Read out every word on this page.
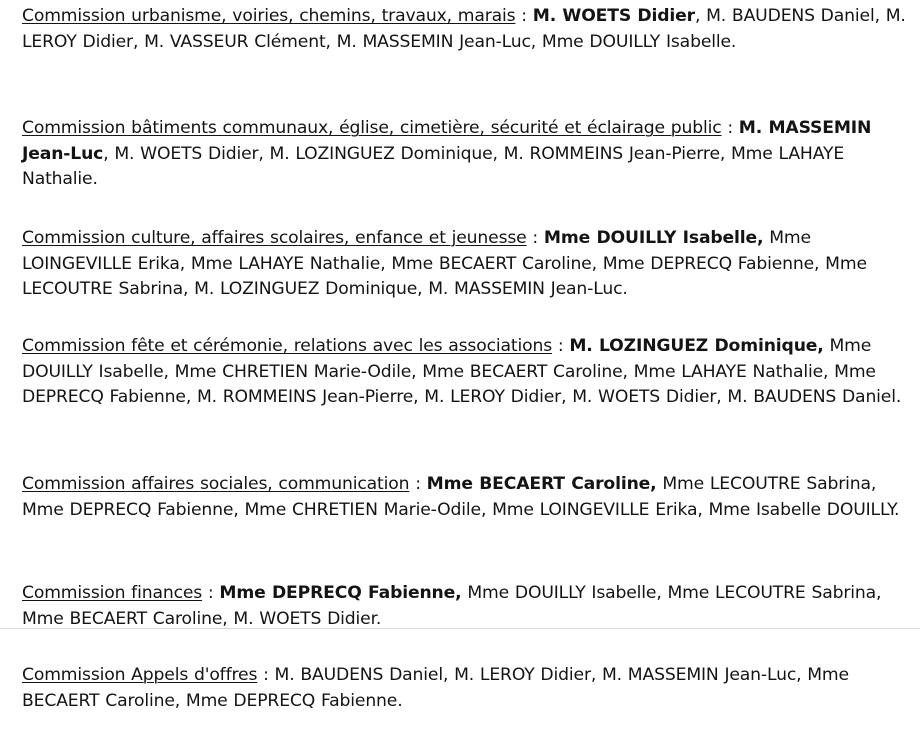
Commission urbanisme, voiries, chemins, travaux, marais : M. WOETS Didier, M. BAUDENS Daniel, M. LEROY Didier, M. VASSEUR Clément, M. MASSEMIN Jean-Luc, Mme DOUILLY Isabelle.

Commission bâtiments communaux, église, cimetière, sécurité et éclairage public : M. MASSEMIN Jean-Luc, M. WOETS Didier, M. LOZINGUEZ Dominique, M. ROMMEINS Jean-Pierre, Mme LAHAYE Nathalie.

Commission culture, affaires scolaires, enfance et jeunesse : Mme DOUILLY Isabelle, Mme LOINGEVILLE Erika, Mme LAHAYE Nathalie, Mme BECAERT Caroline, Mme DEPRECQ Fabienne, Mme LECOUTRE Sabrina, M. LOZINGUEZ Dominique, M. MASSEMIN Jean-Luc.

Commission fête et cérémonie, relations avec les associations : M. LOZINGUEZ Dominique, Mme DOUILLY Isabelle, Mme CHRETIEN Marie-Odile, Mme BECAERT Caroline, Mme LAHAYE Nathalie, Mme DEPRECQ Fabienne, M. ROMMEINS Jean-Pierre, M. LEROY Didier, M. WOETS Didier, M. BAUDENS Daniel.

Commission affaires sociales, communication : Mme BECAERT Caroline, Mme LECOUTRE Sabrina, Mme DEPRECQ Fabienne, Mme CHRETIEN Marie-Odile, Mme LOINGEVILLE Erika, Mme Isabelle DOUILLY.

Commission finances : Mme DEPRECQ Fabienne, Mme DOUILLY Isabelle, Mme LECOUTRE Sabrina, Mme BECAERT Caroline, M. WOETS Didier.

Commission Appels d'offres : M. BAUDENS Daniel, M. LEROY Didier, M. MASSEMIN Jean-Luc, Mme BECAERT Caroline, Mme DEPRECQ Fabienne.
